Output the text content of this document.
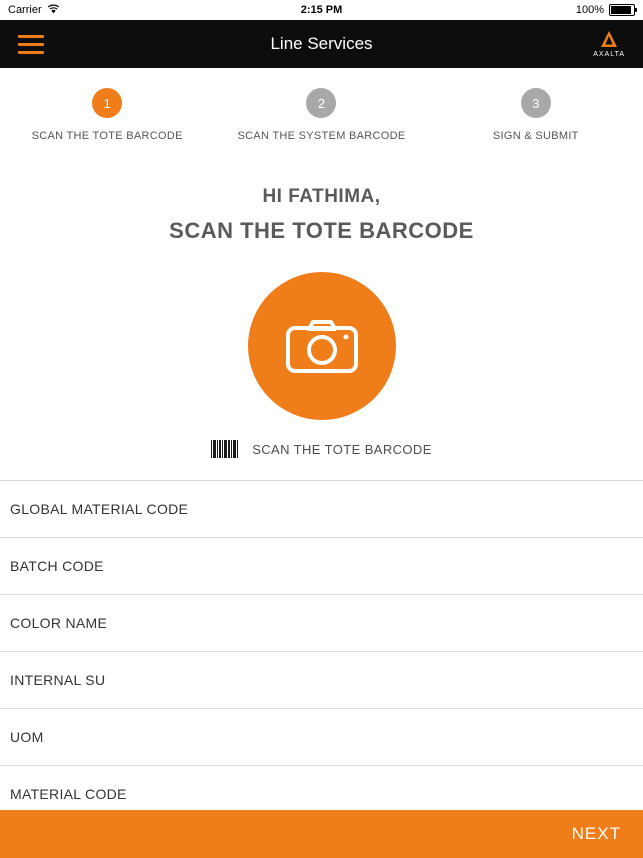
Carrier	2:15 PM	100%
Line Services
AXALTA
1
SCAN THE TOTE BARCODE
2
SCAN THE SYSTEM BARCODE
3
SIGN & SUBMIT
HI FATHIMA,
SCAN THE TOTE BARCODE
SCAN THE TOTE BARCODE
GLOBAL MATERIAL CODE
BATCH CODE
COLOR NAME
INTERNAL SU
UOM
MATERIAL CODE
NEXT
